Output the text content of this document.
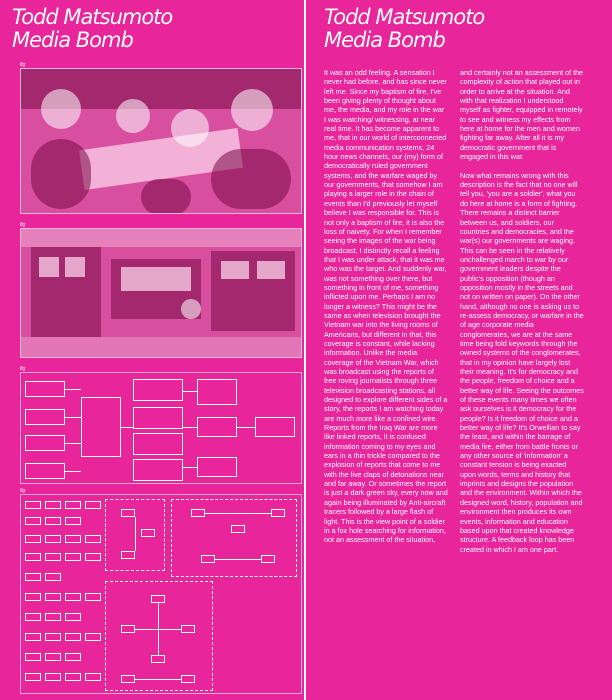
Todd Matsumoto
Media Bomb
fig
fig
fig
fig
Todd Matsumoto
Media Bomb

It was an odd feeling. A sensation I never had before, and has since never left me. Since my baptism of fire, I've been giving plenty of thought about me, the media, and my role in the war I was watching/ witnessing, at near real time. It has become apparent to me, that in our world of interconnected media communication systems, 24 hour news channels, our (my) form of democratically ruled government systems, and the warfare waged by our governments, that somehow I am playing a larger role in the chain of events than I'd previously let myself believe I was responsible for. This is not only a baptism of fire, it is also the loss of naivety. For when I remember seeing the images of the war being broadcast, I distinctly recall a feeling that I was under attack, that it was me who was the target. And suddenly war, was not something over there, but something in front of me, something inflicted upon me. Perhaps I am no longer a witness? This might be the same as when television brought the Vietnam war into the living rooms of Americans, but different in that, this coverage is constant, while lacking information. Unlike the media coverage of the Vietnam War, which was broadcast using the reports of free roving journalists through three television broadcasting stations, all designed to explore different sides of a story, the reports I am watching today are much more like a confined wire. Reports from the Iraq War are more like linked reports, it is confused information coming to my eyes and ears in a thin trickle compared to the explosion of reports that come to me with the live claps of detonations near and far away. Or sometimes the report is just a dark green sky, every now and again being illuminated by Anti-aircraft tracers followed by a large flash of light. This is the view point of a soldier in a fox hole searching for information, not an assessment of the situation,

and certainly not an assessment of the complexity of action that played out in order to arrive at the situation. And with that realization I understood myself as fighter, equipped in remotely to see and witness my effects from here at home for the men and women fighting far away. After all it is my democratic government that is engaged in this war.

Now what remains wrong with this description is the fact that no one will tell you, 'you are a soldier', what you do here at home is a form of fighting. There remains a distinct barrier between us, and soldiers, our countries and democracies, and the war(s) our governments are waging. This can be seen in the relatively unchallenged march to war by our government leaders despite the public's opposition (though an opposition mostly in the streets and not on written on paper). On the other hand, although no one is asking us to re-assess democracy, or warfare in the of age corporate media conglomerates, we are at the same time being fold keywords through the owned systems of the conglomerates, that in my opinion have largely lost their meaning. It's for democracy and the people, freedom of choice and a better way of life. Seeing the outcomes of these events many times we often ask ourselves is it democracy for the people? Is it freedom of choice and a better way of life? It's Orwellian to say the least, and within the barrage of media fire, either from battle fronts or any other source of 'information' a constant tension is being exacted upon words, terms and history that imprints and designs the population and the environment. Within which the designed word, history, population and environment then produces its own events, information and education based upon that created knowledge structure. A feedback loop has been created in which I am one part.
